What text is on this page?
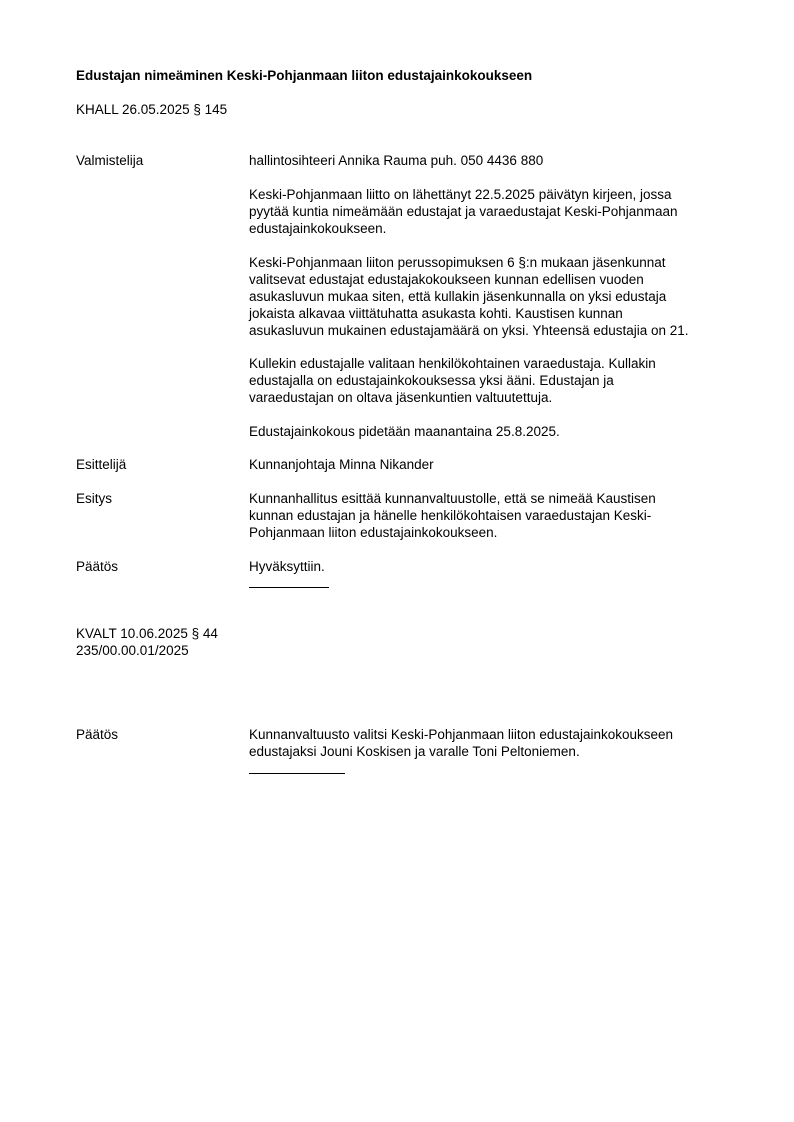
Edustajan nimeäminen Keski-Pohjanmaan liiton edustajainkokoukseen
KHALL 26.05.2025 § 145
Valmistelija	hallintosihteeri Annika Rauma puh. 050 4436 880
Keski-Pohjanmaan liitto on lähettänyt 22.5.2025 päivätyn kirjeen, jossa
pyytää kuntia nimeämään edustajat ja varaedustajat Keski-Pohjanmaan
edustajainkokoukseen.
Keski-Pohjanmaan liiton perussopimuksen 6 §:n mukaan jäsenkunnat
valitsevat edustajat edustajakokoukseen kunnan edellisen vuoden
asukasluvun mukaa siten, että kullakin jäsenkunnalla on yksi edustaja
jokaista alkavaa viittätuhatta asukasta kohti. Kaustisen kunnan
asukasluvun mukainen edustajamäärä on yksi. Yhteensä edustajia on 21.
Kullekin edustajalle valitaan henkilökohtainen varaedustaja. Kullakin
edustajalla on edustajainkokouksessa yksi ääni. Edustajan ja
varaedustajan on oltava jäsenkuntien valtuutettuja.
Edustajainkokous pidetään maanantaina 25.8.2025.
Esittelijä	Kunnanjohtaja Minna Nikander
Esitys	Kunnanhallitus esittää kunnanvaltuustolle, että se nimeää Kaustisen
kunnan edustajan ja hänelle henkilökohtaisen varaedustajan Keski-
Pohjanmaan liiton edustajainkokoukseen.
Päätös	Hyväksyttiin.
KVALT 10.06.2025 § 44
235/00.00.01/2025
Päätös	Kunnanvaltuusto valitsi Keski-Pohjanmaan liiton edustajainkokoukseen
edustajaksi Jouni Koskisen ja varalle Toni Peltoniemen.
